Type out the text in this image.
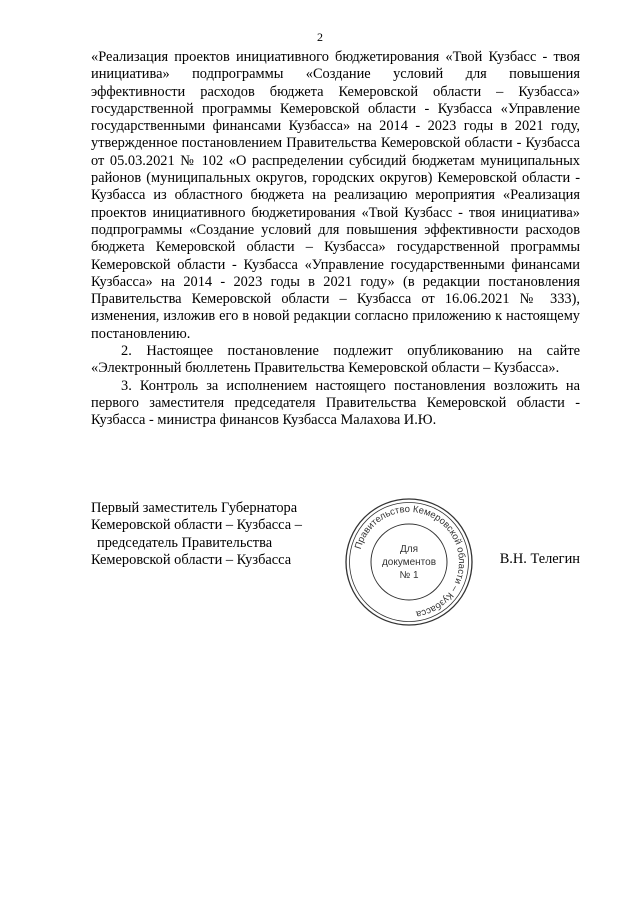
2

«Реализация проектов инициативного бюджетирования «Твой Кузбасс - твоя инициатива» подпрограммы «Создание условий для повышения эффективности расходов бюджета Кемеровской области – Кузбасса» государственной программы Кемеровской области - Кузбасса «Управление государственными финансами Кузбасса» на 2014 - 2023 годы в 2021 году, утвержденное постановлением Правительства Кемеровской области - Кузбасса от 05.03.2021 № 102 «О распределении субсидий бюджетам муниципальных районов (муниципальных округов, городских округов) Кемеровской области - Кузбасса из областного бюджета на реализацию мероприятия «Реализация проектов инициативного бюджетирования «Твой Кузбасс - твоя инициатива» подпрограммы «Создание условий для повышения эффективности расходов бюджета Кемеровской области – Кузбасса» государственной программы Кемеровской области - Кузбасса «Управление государственными финансами Кузбасса» на 2014 - 2023 годы в 2021 году» (в редакции постановления Правительства Кемеровской области – Кузбасса от 16.06.2021 № 333), изменения, изложив его в новой редакции согласно приложению к настоящему постановлению.

2. Настоящее постановление подлежит опубликованию на сайте «Электронный бюллетень Правительства Кемеровской области – Кузбасса».

3. Контроль за исполнением настоящего постановления возложить на первого заместителя председателя Правительства Кемеровской области - Кузбасса - министра финансов Кузбасса Малахова И.Ю.

Первый заместитель Губернатора
Кемеровской области – Кузбасса –
председатель Правительства
Кемеровской области – Кузбасса
Правительство Кемеровской области – Кузбасса
Для
документов
№ 1
В.Н. Телегин
